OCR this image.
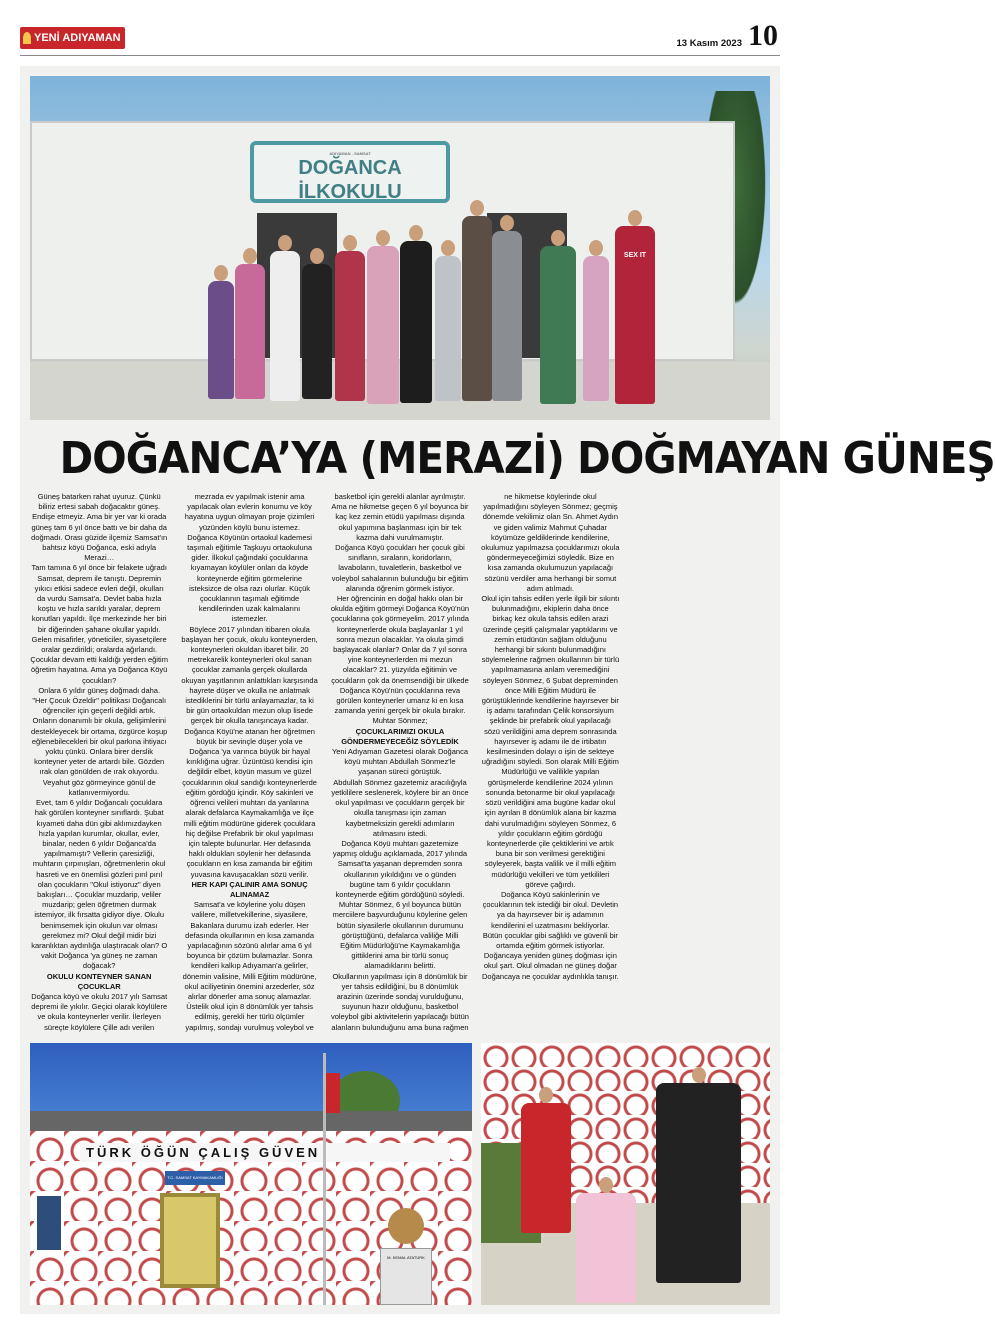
YENİ ADIYAMAN	13 Kasım 2023 10
ADIYAMAN - SAMSAT
DOĞANCA
İLKOKULU
SEX IT
DOĞANCA’YA (MERAZİ) DOĞMAYAN GÜNEŞ

Güneş batarken rahat uyuruz. Çünkü biliriz ertesi sabah doğacaktır güneş. Endişe etmeyiz. Ama bir yer var ki orada güneş tam 6 yıl önce battı ve bir daha da doğmadı. Orası güzide ilçemiz Samsat'ın bahtsız köyü Doğanca, eski adıyla Merazi…

Tam tamına 6 yıl önce bir felakete uğradı Samsat, deprem ile tanıştı. Depremin yıkıcı etkisi sadece evleri değil, okulları da vurdu Samsat'a. Devlet baba hızla koştu ve hızla sarıldı yaralar, deprem konutları yapıldı. İlçe merkezinde her biri bir diğerinden şahane okullar yapıldı. Gelen misafirler, yöneticiler, siyasetçilere oralar gezdirildi; oralarda ağırlandı. Çocuklar devam etti kaldığı yerden eğitim öğretim hayatına. Ama ya Doğanca Köyü çocukları?

Onlara 6 yıldır güneş doğmadı daha. "Her Çocuk Özeldir" politikası Doğancalı öğrenciler için geçerli değildi artık. Onların donanımlı bir okula, gelişimlerini destekleyecek bir ortama, özgürce koşup eğlenebilecekleri bir okul parkına ihtiyacı yoktu çünkü. Onlara birer derslik konteyner yeter de artardı bile. Gözden ırak olan gönülden de ırak oluyordu. Veyahut göz görmeyince gönül de katlanıvermiyordu.

Evet, tam 6 yıldır Doğancalı çocuklara hak görülen konteyner sınıflardı. Şubat kıyameti daha dün gibi aklımızdayken hızla yapılan kurumlar, okullar, evler, binalar, neden 6 yıldır Doğanca'da yapılmamıştı? Vellerin çaresizliği, muhtarın çırpınışları, öğretmenlerin okul hasreti ve en önemlisi gözleri pırıl pırıl olan çocukların "Okul istiyoruz" diyen bakışları… Çocuklar muzdarip, veliler muzdarip; gelen öğretmen durmak istemiyor, ilk fırsatta gidiyor diye. Okulu benimsemek için okulun var olması gerekmez mi? Okul değil midir bizi karanlıktan aydınlığa ulaştıracak olan? O vakit Doğanca 'ya güneş ne zaman doğacak?

OKULU KONTEYNER SANAN ÇOCUKLAR

Doğanca köyü ve okulu 2017 yılı Samsat depremi ile yıkılır. Geçici olarak köylülere ve okula konteynerler verilir. İlerleyen süreçte köylülere Çille adı verilen mezrada ev yapılmak istenir ama yapılacak olan evlerin konumu ve köy hayatına uygun olmayan proje çizimleri yüzünden köylü bunu istemez.

Doğanca Köyünün ortaokul kademesi taşımalı eğitimle Taşkuyu ortaokuluna gider. İlkokul çağındaki çocuklarına kıyamayan köylüler onları da köyde konteynerde eğitim görmelerine isteksizce de olsa razı olurlar. Küçük çocuklarının taşımalı eğitimde kendilerinden uzak kalmalarını istemezler.

Böylece 2017 yılından itibaren okula başlayan her çocuk, okulu konteynerden, konteynerleri okuldan ibaret bilir. 20 metrekarelik konteynerleri okul sanan çocuklar zamanla gerçek okullarda okuyan yaşıtlarının anlattıkları karşısında hayrete düşer ve okulla ne anlatmak istediklerini bir türlü anlayamazlar, ta ki bir gün ortaokuldan mezun olup lisede gerçek bir okulla tanışıncaya kadar.

Doğanca Köyü'ne atanan her öğretmen büyük bir sevinçle düşer yola ve Doğanca 'ya varınca büyük bir hayal kırıklığına uğrar. Üzüntüsü kendisi için değildir elbet, köyün masum ve güzel çocuklarının okul sandığı konteynerlerde eğitim gördüğü içindir. Köy sakinleri ve öğrenci velileri muhtarı da yanlarına alarak defalarca Kaymakamlığa ve ilçe milli eğitim müdürüne giderek çocuklara hiç değilse Prefabrik bir okul yapılması için talepte bulunurlar. Her defasında haklı oldukları söylenir her defasında çocukların en kısa zamanda bir eğitim yuvasına kavuşacakları sözü verilir.

HER KAPI ÇALINIR AMA SONUÇ ALINAMAZ

Samsat'a ve köylerine yolu düşen valilere, milletvekillerine, siyasilere, Bakanlara durumu izah ederler. Her defasında okullarının en kısa zamanda yapılacağının sözünü alırlar ama 6 yıl boyunca bir çözüm bulamazlar. Sonra kendileri kalkıp Adıyaman'a gelirler, dönemin valisine, Milli Eğitim müdürüne, okul aciliyetinin önemini arzederler, söz alırlar dönerler ama sonuç alamazlar.

Üstelik okul için 8 dönümlük yer tahsis edilmiş, gerekli her türlü ölçümler yapılmış, sondajı vurulmuş voleybol ve basketbol için gerekli alanlar ayrılmıştır. Ama ne hikmetse geçen 6 yıl boyunca bir kaç kez zemin etüdü yapılması dışında okul yapımına başlanması için bir tek kazma dahi vurulmamıştır.

Doğanca Köyü çocukları her çocuk gibi sınıfların, sıraların, koridorların, lavaboların, tuvaletlerin, basketbol ve voleybol sahalarının bulunduğu bir eğitim alanında öğrenim görmek istiyor.

Her öğrencinin en doğal hakkı olan bir okulda eğitim görmeyi Doğanca Köyü'nün çocuklarına çok görmeyelim. 2017 yılında konteynerlerde okula başlayanlar 1 yıl sonra mezun olacaklar. Ya okula şimdi başlayacak olanlar? Onlar da 7 yıl sonra yine konteynerlerden mi mezun olacaklar? 21. yüzyılda eğitimin ve çocukların çok da önemsendiği bir ülkede Doğanca Köyü'nün çocuklarına reva görülen konteynerler umarız ki en kısa zamanda yerini gerçek bir okula bırakır.

Muhtar Sönmez;

ÇOCUKLARIMIZI OKULA GÖNDERMEYECEĞİZ SÖYLEDİK

Yeni Adıyaman Gazetesi olarak Doğanca köyü muhtarı Abdullah Sönmez'le yaşanan süreci görüştük.

Abdullah Sönmez gazetemiz aracılığıyla yetkililere seslenerek, köylere bir an önce okul yapılması ve çocukların gerçek bir okulla tanışması için zaman kaybetmeksizin gerekli adımların atılmasını istedi.

Doğanca Köyü muhtarı gazetemize yapmış olduğu açıklamada, 2017 yılında Samsat'ta yaşanan depremden sonra okullarının yıkıldığını ve o günden bugüne tam 6 yıldır çocukların konteynerde eğitim gördüğünü söyledi.

Muhtar Sönmez, 6 yıl boyunca bütün merciilere başvurduğunu köylerine gelen bütün siyasilerle okullarının durumunu görüştüğünü, defalarca valiliğe Milli Eğitim Müdürlüğü'ne Kaymakamlığa gittiklerini ama bir türlü sonuç alamadıklarını belirtti.

Okullarının yapılması için 8 dönümlük bir yer tahsis edildiğini, bu 8 dönümlük arazinin üzerinde sondaj vurulduğunu, suyunun hazır olduğunu, basketbol voleybol gibi aktivitelerin yapılacağı bütün alanların bulunduğunu ama buna rağmen ne hikmetse köylerinde okul yapılmadığını söyleyen Sönmez; geçmiş dönemde vekilimiz olan Sn. Ahmet Aydın ve giden valimiz Mahmut Çuhadar köyümüze geldiklerinde kendilerine, okulumuz yapılmazsa çocuklarımızı okula göndermeyeceğimizi söyledik. Bize en kısa zamanda okulumuzun yapılacağı sözünü verdiler ama herhangi bir somut adım atılmadı.

Okul için tahsis edilen yerle ilgili bir sıkıntı bulunmadığını, ekiplerin daha önce birkaç kez okula tahsis edilen arazi üzerinde çeşitli çalışmalar yaptıklarını ve zemin etüdünün sağlam olduğunu herhangi bir sıkıntı bulunmadığını söylemelerine rağmen okullarının bir türlü yapılmamasına anlam veremediğini söyleyen Sönmez, 6 Şubat depreminden önce Milli Eğitim Müdürü ile görüştüklerinde kendilerine hayırsever bir iş adamı tarafından Çelik konsorsiyum şeklinde bir prefabrik okul yapılacağı sözü verildiğini ama deprem sonrasında hayırsever iş adamı ile de irtibatın kesilmesinden dolayı o işin de sekteye uğradığını söyledi. Son olarak Milli Eğitim Müdürlüğü ve valilikle yapılan görüşmelerde kendilerine 2024 yılının sonunda betonarme bir okul yapılacağı sözü verildiğini ama bugüne kadar okul için ayrılan 8 dönümlük alana bir kazma dahi vurulmadığını söyleyen Sönmez, 6 yıldır çocukların eğitim gördüğü konteynerlerde çile çektiklerini ve artık buna bir son verilmesi gerektiğini söyleyerek, başta valilik ve il milli eğitim müdürlüğü vekilleri ve tüm yetkilileri göreve çağırdı.

Doğanca Köyü sakinlerinin ve çocuklarının tek istediği bir okul. Devletin ya da hayırsever bir iş adamının kendilerini el uzatmasını bekliyorlar. Bütün çocuklar gibi sağlıklı ve güvenli bir ortamda eğitim görmek istiyorlar. Doğancaya yeniden güneş doğması için okul şart. Okul olmadan ne güneş doğar Doğancaya ne çocuklar aydınlıkla tanışır.

TÜRK ÖĞÜN ÇALIŞ GÜVEN
T.C. SAMSAT KAYMAKAMLIĞI
M. KEMAL ATATÜRK
